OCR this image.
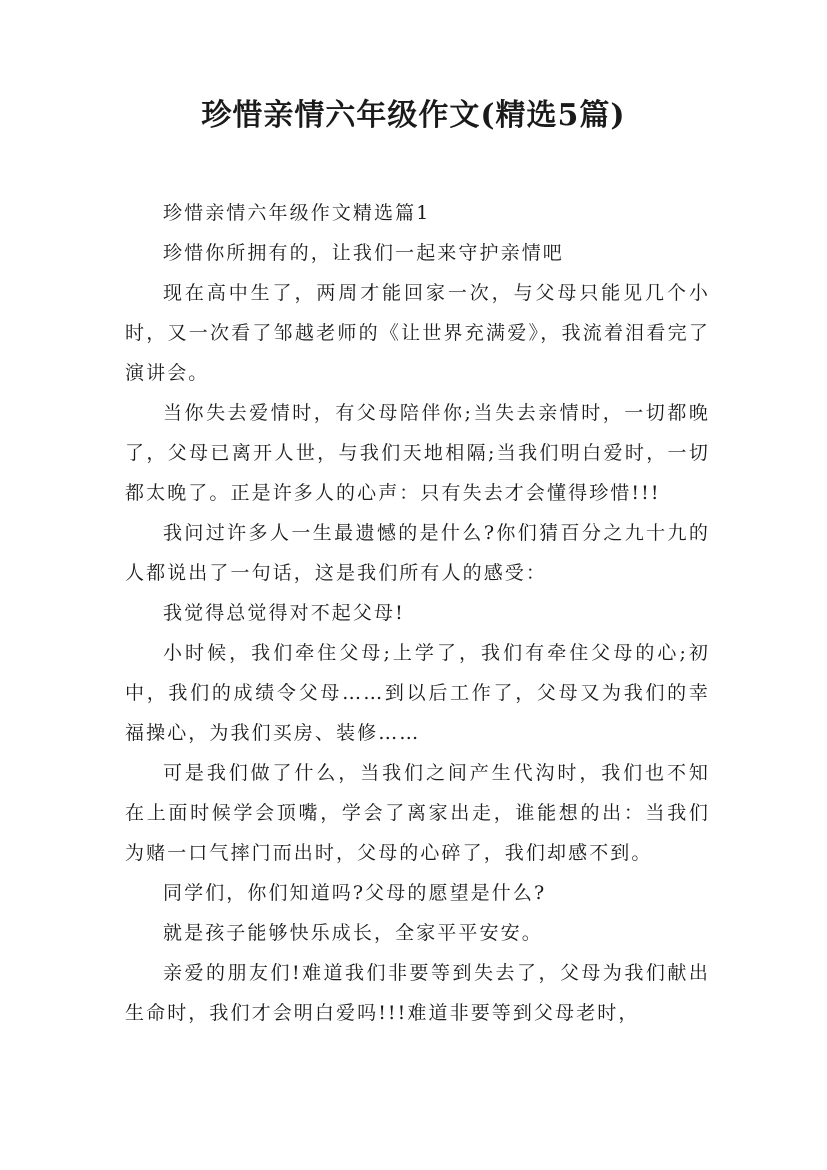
珍惜亲情六年级作文(精选5篇)

珍惜亲情六年级作文精选篇1

珍惜你所拥有的，让我们一起来守护亲情吧

现在高中生了，两周才能回家一次，与父母只能见几个小时，又一次看了邹越老师的《让世界充满爱》，我流着泪看完了演讲会。

当你失去爱情时，有父母陪伴你;当失去亲情时，一切都晚了，父母已离开人世，与我们天地相隔;当我们明白爱时，一切都太晚了。正是许多人的心声：只有失去才会懂得珍惜!!!

我问过许多人一生最遗憾的是什么?你们猜百分之九十九的人都说出了一句话，这是我们所有人的感受：

我觉得总觉得对不起父母!

小时候，我们牵住父母;上学了，我们有牵住父母的心;初中，我们的成绩令父母……到以后工作了，父母又为我们的幸福操心，为我们买房、装修……

可是我们做了什么，当我们之间产生代沟时，我们也不知在上面时候学会顶嘴，学会了离家出走，谁能想的出：当我们为赌一口气摔门而出时，父母的心碎了，我们却感不到。

同学们，你们知道吗?父母的愿望是什么?

就是孩子能够快乐成长，全家平平安安。

亲爱的朋友们!难道我们非要等到失去了，父母为我们献出生命时，我们才会明白爱吗!!!难道非要等到父母老时，
